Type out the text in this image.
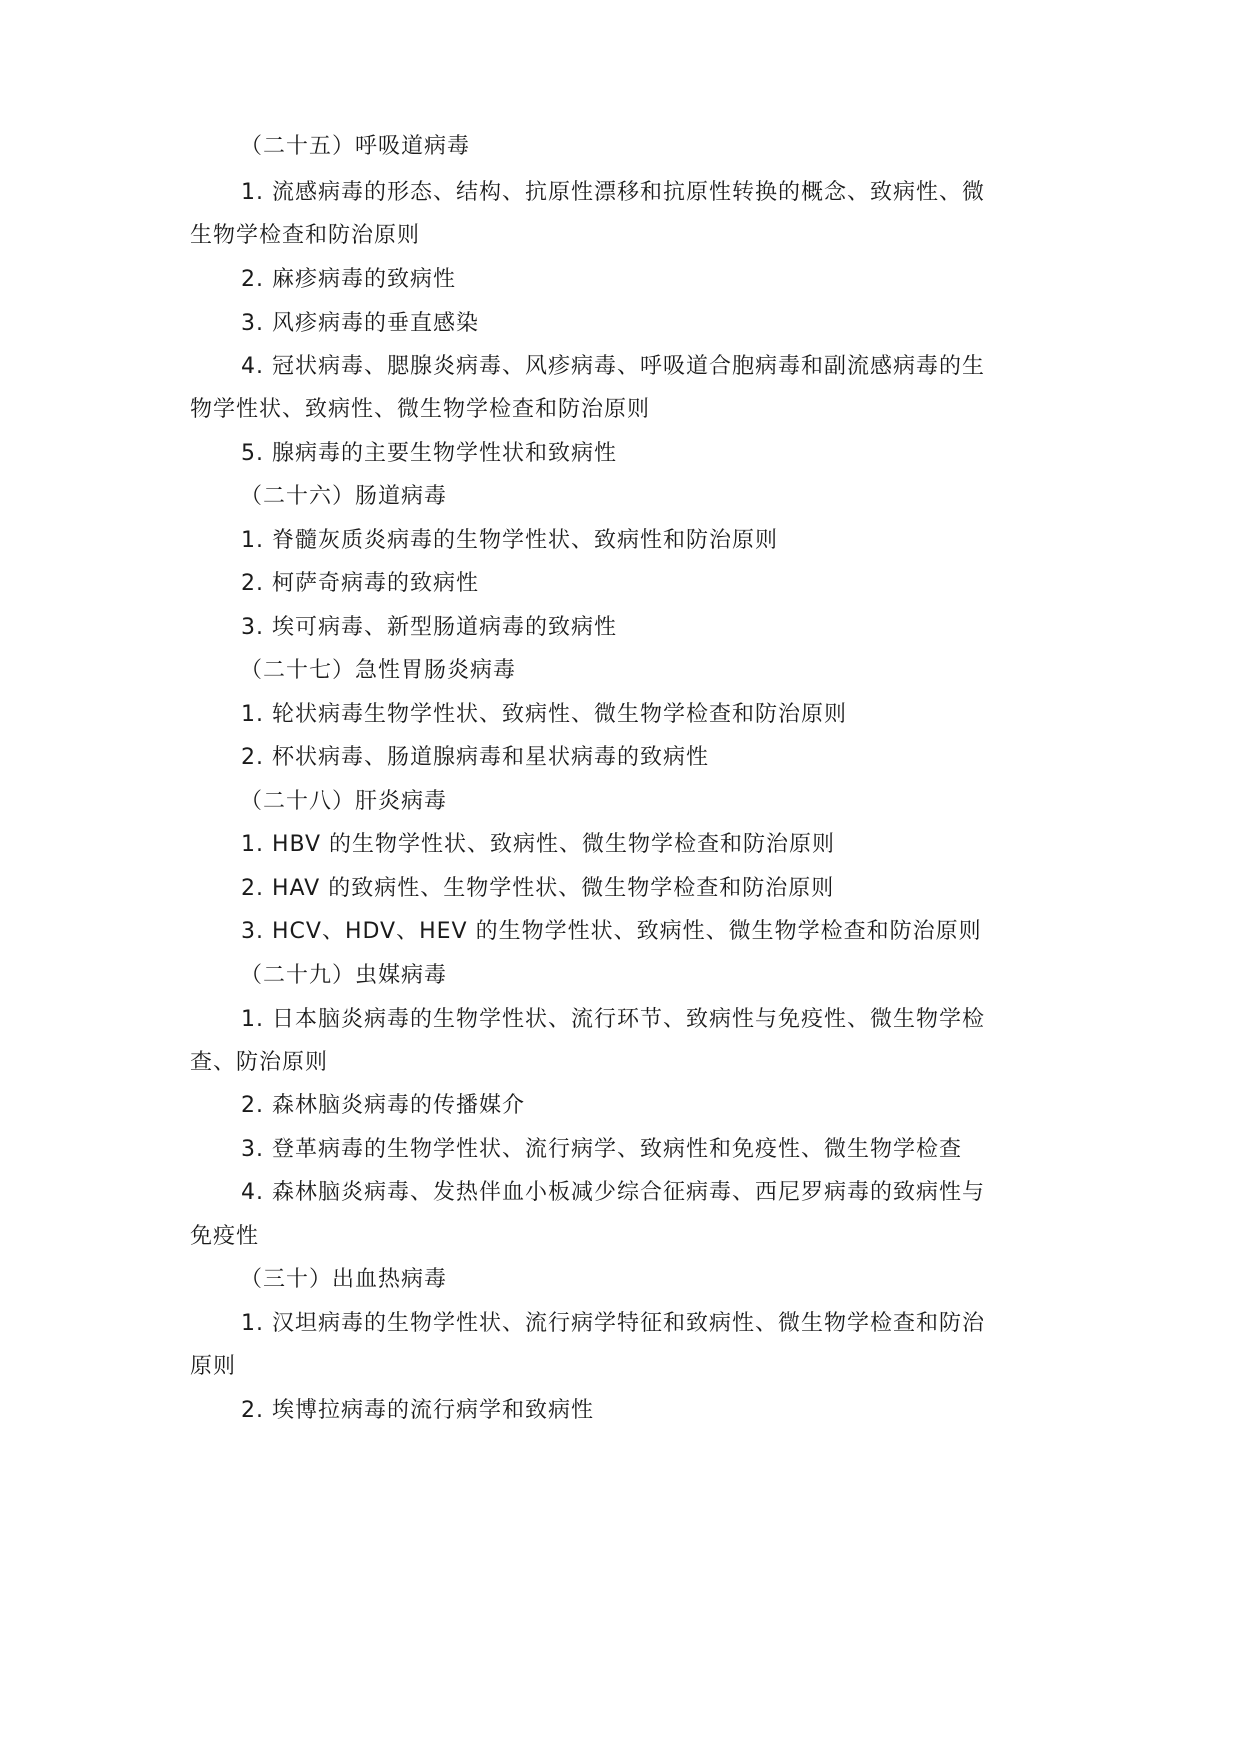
（二十五）呼吸道病毒
1. 流感病毒的形态、结构、抗原性漂移和抗原性转换的概念、致病性、微
生物学检查和防治原则
2. 麻疹病毒的致病性
3. 风疹病毒的垂直感染
4. 冠状病毒、腮腺炎病毒、风疹病毒、呼吸道合胞病毒和副流感病毒的生
物学性状、致病性、微生物学检查和防治原则
5. 腺病毒的主要生物学性状和致病性
（二十六）肠道病毒
1. 脊髓灰质炎病毒的生物学性状、致病性和防治原则
2. 柯萨奇病毒的致病性
3. 埃可病毒、新型肠道病毒的致病性
（二十七）急性胃肠炎病毒
1. 轮状病毒生物学性状、致病性、微生物学检查和防治原则
2. 杯状病毒、肠道腺病毒和星状病毒的致病性
（二十八）肝炎病毒
1. HBV 的生物学性状、致病性、微生物学检查和防治原则
2. HAV 的致病性、生物学性状、微生物学检查和防治原则
3. HCV、HDV、HEV 的生物学性状、致病性、微生物学检查和防治原则
（二十九）虫媒病毒
1. 日本脑炎病毒的生物学性状、流行环节、致病性与免疫性、微生物学检
查、防治原则
2. 森林脑炎病毒的传播媒介
3. 登革病毒的生物学性状、流行病学、致病性和免疫性、微生物学检查
4. 森林脑炎病毒、发热伴血小板减少综合征病毒、西尼罗病毒的致病性与
免疫性
（三十）出血热病毒
1. 汉坦病毒的生物学性状、流行病学特征和致病性、微生物学检查和防治
原则
2. 埃博拉病毒的流行病学和致病性
